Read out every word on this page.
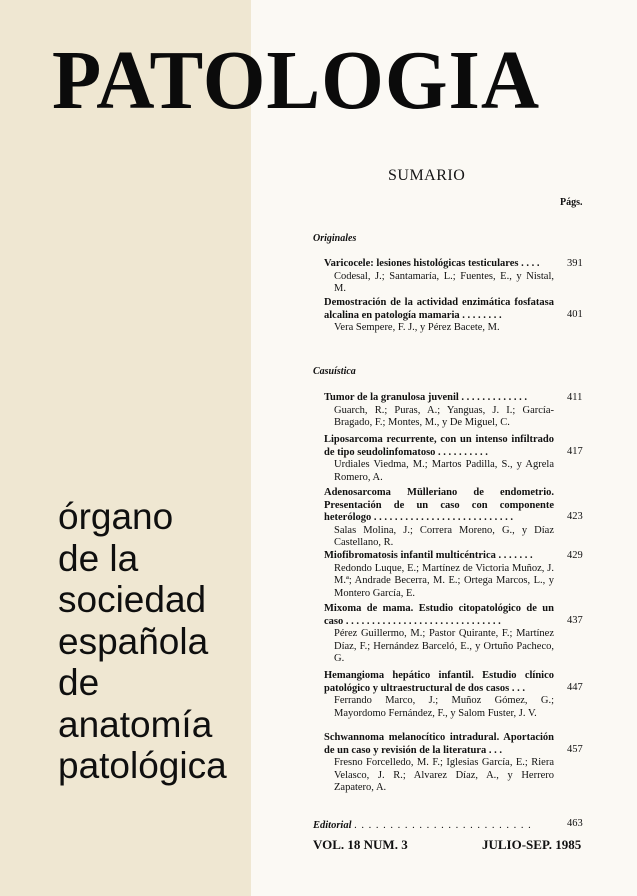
PATOLOGIA
órgano
de la
sociedad
española
de
anatomía
patológica
SUMARIO
Págs.
Originales
Varicocele: lesiones histológicas testiculares . . . .
Codesal, J.; Santamaría, L.; Fuentes, E., y Nistal, M.
391
Demostración de la actividad enzimática fosfatasa alcalina en patología mamaria . . . . . . . .
Vera Sempere, F. J., y Pérez Bacete, M.
401
Casuística
Tumor de la granulosa juvenil . . . . . . . . . . . . .
Guarch, R.; Puras, A.; Yanguas, J. I.; García-Bragado, F.; Montes, M., y De Miguel, C.
411
Liposarcoma recurrente, con un intenso infiltrado de tipo seudolinfomatoso . . . . . . . . . .
Urdiales Viedma, M.; Martos Padilla, S., y Agrela Romero, A.
417
Adenosarcoma Mülleriano de endometrio. Presentación de un caso con componente heterólogo . . . . . . . . . . . . . . . . . . . . . . . . . . .
Salas Molina, J.; Correra Moreno, G., y Díaz Castellano, R.
423
Miofibromatosis infantil multicéntrica . . . . . . .
Redondo Luque, E.; Martínez de Victoria Muñoz, J. M.ª; Andrade Becerra, M. E.; Ortega Marcos, L., y Montero García, E.
429
Mixoma de mama. Estudio citopatológico de un caso . . . . . . . . . . . . . . . . . . . . . . . . . . . . . .
Pérez Guillermo, M.; Pastor Quirante, F.; Martínez Díaz, F.; Hernández Barceló, E., y Ortuño Pacheco, G.
437
Hemangioma hepático infantil. Estudio clínico patológico y ultraestructural de dos casos . . .
Ferrando Marco, J.; Muñoz Gómez, G.; Mayordomo Fernández, F., y Salom Fuster, J. V.
447
Schwannoma melanocítico intradural. Aportación de un caso y revisión de la literatura . . .
Fresno Forcelledo, M. F.; Iglesias García, E.; Riera Velasco, J. R.; Alvarez Díaz, A., y Herrero Zapatero, A.
457
Editorial . . . . . . . . . . . . . . . . . . . . . . . . .	463
VOL. 18 NUM. 3	JULIO-SEP. 1985
